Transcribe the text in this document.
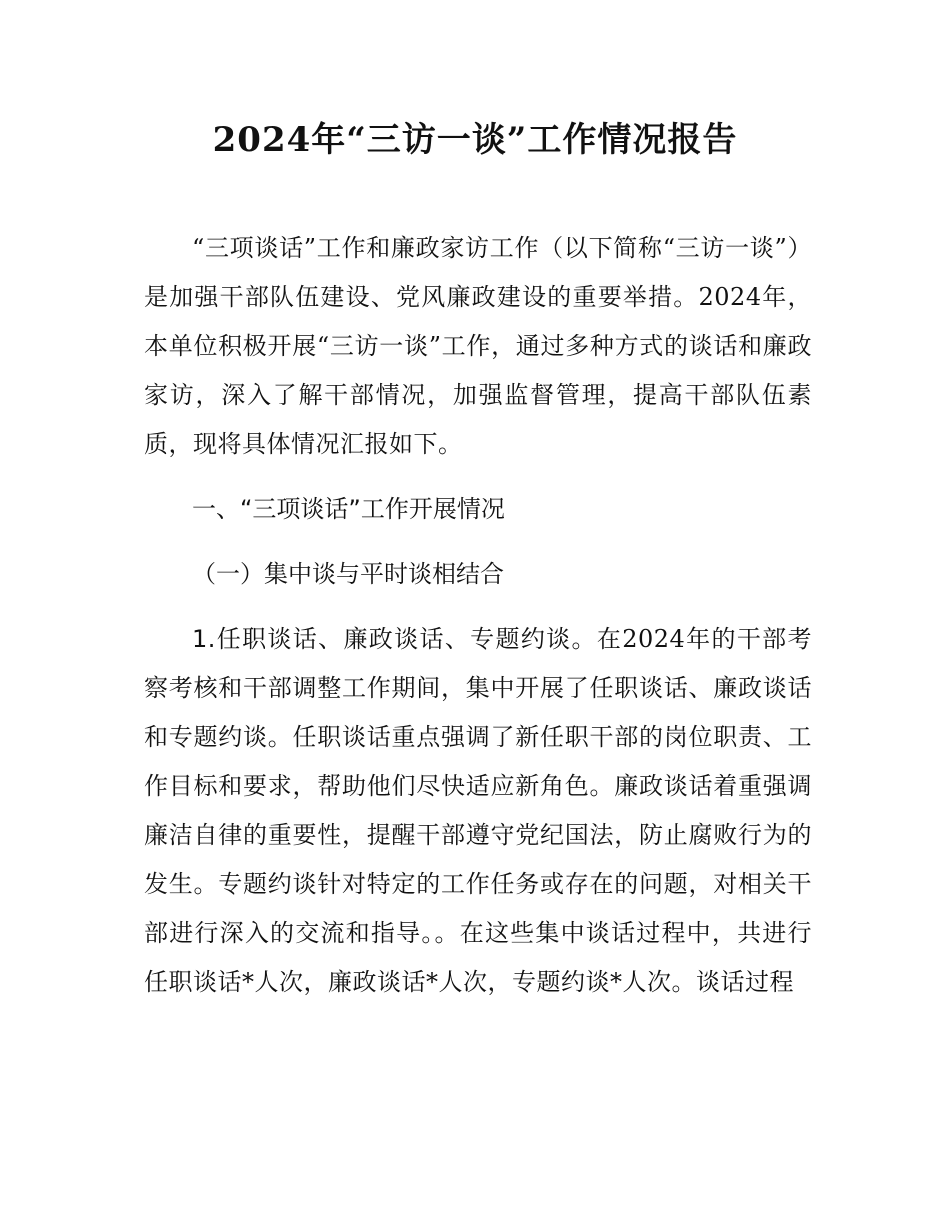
2024年“三访一谈”工作情况报告

“三项谈话”工作和廉政家访工作（以下简称“三访一谈”）是加强干部队伍建设、党风廉政建设的重要举措。2024年，本单位积极开展“三访一谈”工作，通过多种方式的谈话和廉政家访，深入了解干部情况，加强监督管理，提高干部队伍素质，现将具体情况汇报如下。

一、“三项谈话”工作开展情况

（一）集中谈与平时谈相结合

1.任职谈话、廉政谈话、专题约谈。在2024年的干部考察考核和干部调整工作期间，集中开展了任职谈话、廉政谈话和专题约谈。任职谈话重点强调了新任职干部的岗位职责、工作目标和要求，帮助他们尽快适应新角色。廉政谈话着重强调廉洁自律的重要性，提醒干部遵守党纪国法，防止腐败行为的发生。专题约谈针对特定的工作任务或存在的问题，对相关干部进行深入的交流和指导。。在这些集中谈话过程中，共进行任职谈话*人次，廉政谈话*人次，专题约谈*人次。谈话过程
